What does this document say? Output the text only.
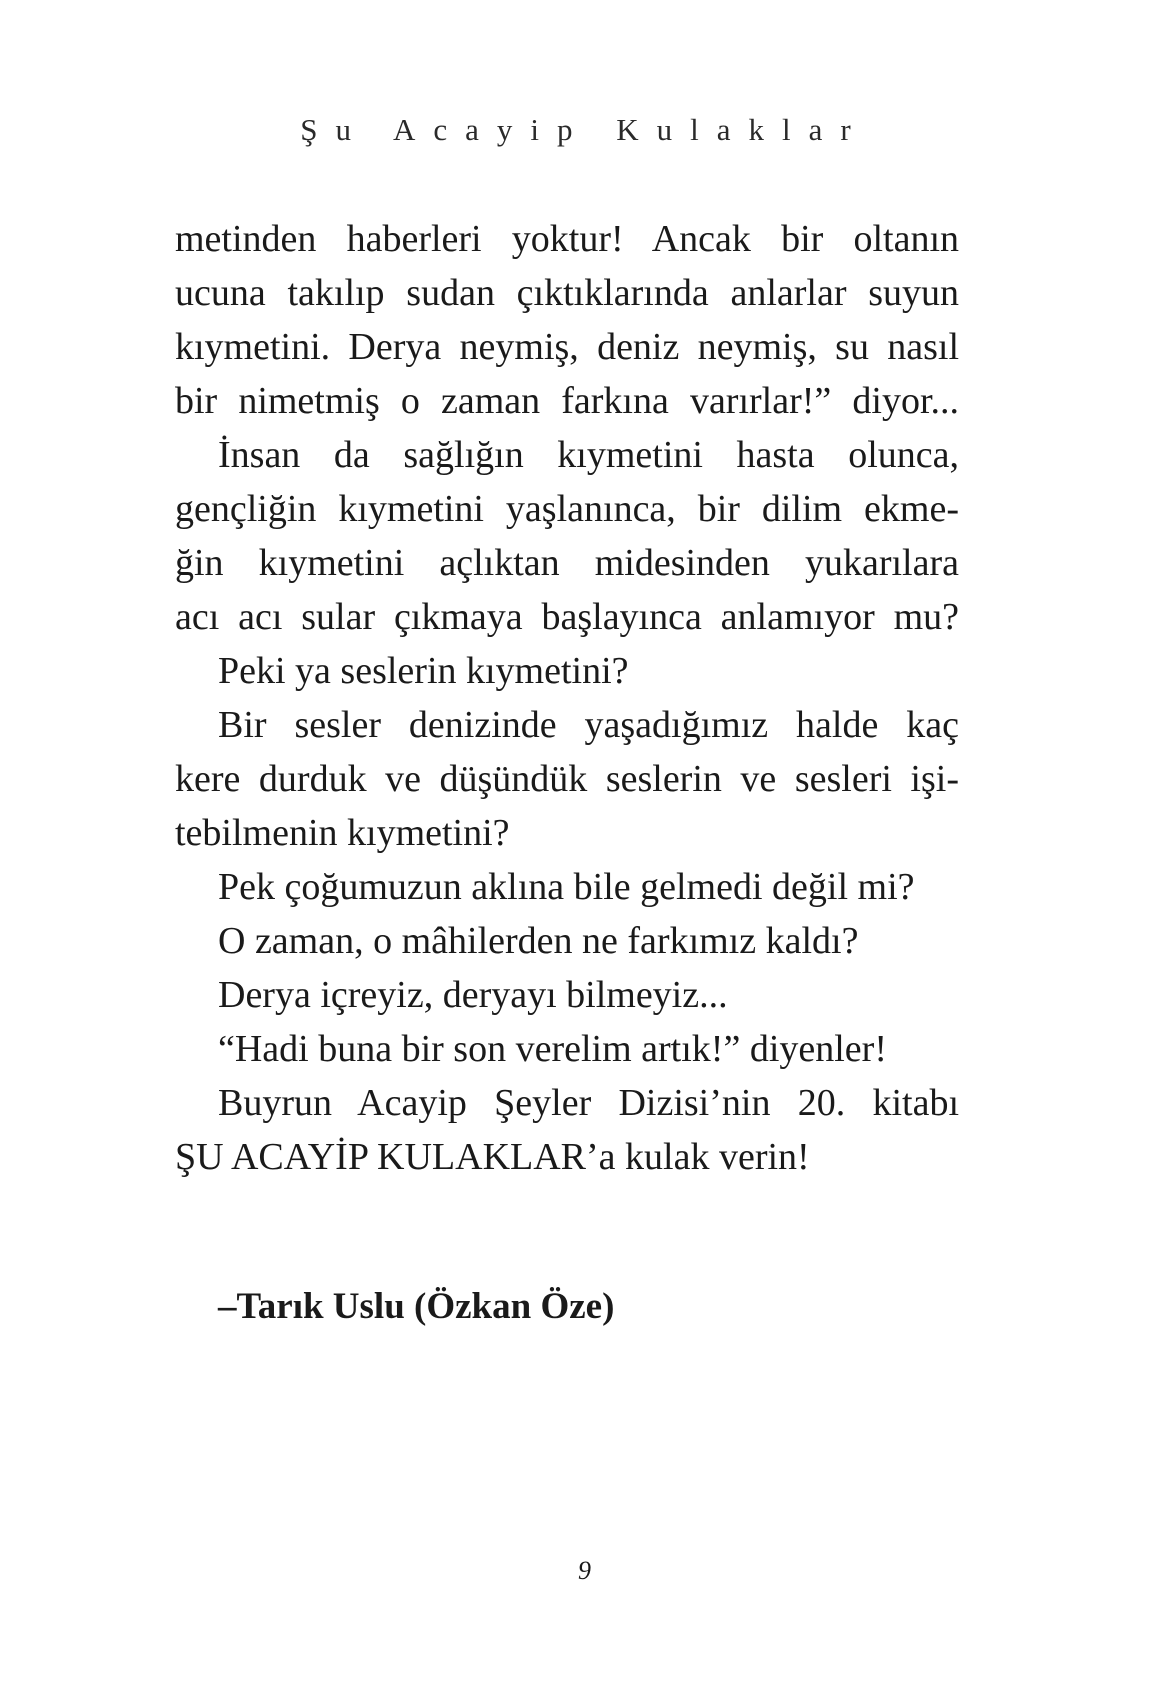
Şu Acayip Kulaklar
metinden haberleri yoktur! Ancak bir oltanın
ucuna takılıp sudan çıktıklarında anlarlar suyun
kıymetini. Derya neymiş, deniz neymiş, su nasıl
bir nimetmiş o zaman farkına varırlar!” diyor...
İnsan da sağlığın kıymetini hasta olunca,
gençliğin kıymetini yaşlanınca, bir dilim ekme-
ğin kıymetini açlıktan midesinden yukarılara
acı acı sular çıkmaya başlayınca anlamıyor mu?
Peki ya seslerin kıymetini?
Bir sesler denizinde yaşadığımız halde kaç
kere durduk ve düşündük seslerin ve sesleri işi-
tebilmenin kıymetini?
Pek çoğumuzun aklına bile gelmedi değil mi?
O zaman, o mâhilerden ne farkımız kaldı?
Derya içreyiz, deryayı bilmeyiz...
“Hadi buna bir son verelim artık!” diyenler!
Buyrun Acayip Şeyler Dizisi’nin 20. kitabı
ŞU ACAYİP KULAKLAR’a kulak verin!
–Tarık Uslu (Özkan Öze)
9
